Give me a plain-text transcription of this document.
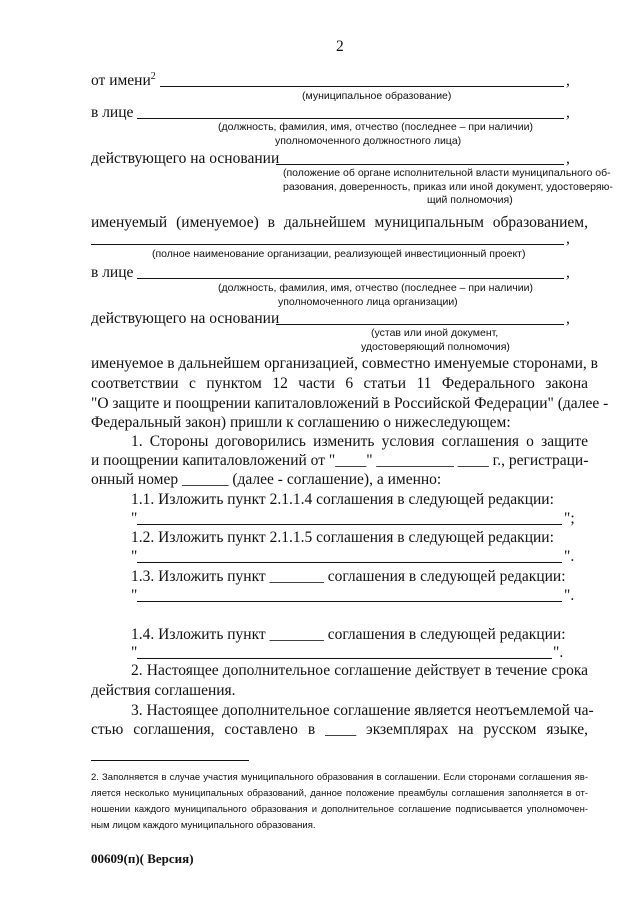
2
от имени$^2$	,
(муниципальное образование)
в лице	,
(должность, фамилия, имя, отчество (последнее – при наличии)
уполномоченного должностного лица)
действующего на основании	,
(положение об органе исполнительной власти муниципального об-
разования, доверенность, приказ или иной документ, удостоверяю-
щий полномочия)
именуемый (именуемое) в дальнейшем муниципальным образованием,
,
(полное наименование организации, реализующей инвестиционный проект)
в лице	,
(должность, фамилия, имя, отчество (последнее – при наличии)
уполномоченного лица организации)
действующего на основании	,
(устав или иной документ,
удостоверяющий полномочия)
именуемое в дальнейшем организацией, совместно именуемые сторонами, в
соответствии с пунктом 12 части 6 статьи 11 Федерального закона
"О защите и поощрении капиталовложений в Российской Федерации" (далее -
Федеральный закон) пришли к соглашению о нижеследующем:
1. Стороны договорились изменить условия соглашения о защите
и поощрении капиталовложений от "____" __________ ____ г., регистраци-
онный номер ______ (далее - соглашение), а именно:
1.1. Изложить пункт 2.1.1.4 соглашения в следующей редакции:
"	";
1.2. Изложить пункт 2.1.1.5 соглашения в следующей редакции:
"	".
1.3. Изложить пункт _______ соглашения в следующей редакции:
"	".
1.4. Изложить пункт _______ соглашения в следующей редакции:
"	".
2. Настоящее дополнительное соглашение действует в течение срока
действия соглашения.
3. Настоящее дополнительное соглашение является неотъемлемой ча-
стью соглашения, составлено в ____ экземплярах на русском языке,
2. Заполняется в случае участия муниципального образования в соглашении. Если сторонами соглашения яв-
ляется несколько муниципальных образований, данное положение преамбулы соглашения заполняется в от-
ношении каждого муниципального образования и дополнительное соглашение подписывается уполномочен-
ным лицом каждого муниципального образования.
00609(п)( Версия)
